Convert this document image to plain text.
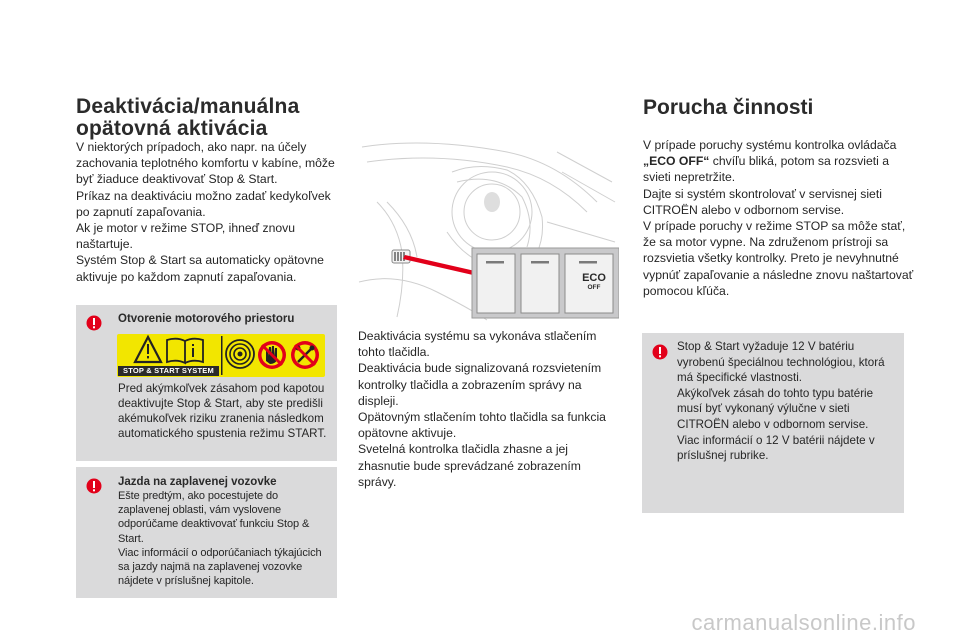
Deaktivácia/manuálna
opätovná aktivácia

V niektorých prípadoch, ako napr. na účely zachovania teplotného komfortu v kabíne, môže byť žiaduce deaktivovať Stop & Start.

Príkaz na deaktiváciu možno zadať kedykoľvek po zapnutí zapaľovania.

Ak je motor v režime STOP, ihneď znovu naštartuje.

Systém Stop & Start sa automaticky opätovne aktivuje po každom zapnutí zapaľovania.

Otvorenie motorového priestoru
Pred akýmkoľvek zásahom pod kapotou deaktivujte Stop & Start, aby ste predišli akémukoľvek riziku zranenia následkom automatického spustenia režimu START.
STOP & START SYSTEM
Jazda na zaplavenej vozovke

Ešte predtým, ako pocestujete do zaplavenej oblasti, vám vyslovene odporúčame deaktivovať funkciu Stop & Start.

Viac informácií o odporúčaniach týkajúcich sa jazdy najmä na zaplavenej vozovke nájdete v príslušnej kapitole.

ECO
OFF

Deaktivácia systému sa vykonáva stlačením tohto tlačidla.

Deaktivácia bude signalizovaná rozsvietením kontrolky tlačidla a zobrazením správy na displeji.

Opätovným stlačením tohto tlačidla sa funkcia opätovne aktivuje.

Svetelná kontrolka tlačidla zhasne a jej zhasnutie bude sprevádzané zobrazením správy.

Porucha činnosti

V prípade poruchy systému kontrolka ovládača „ECO OFF“ chvíľu bliká, potom sa rozsvieti a svieti nepretržite.

Dajte si systém skontrolovať v servisnej sieti CITROËN alebo v odbornom servise.

V prípade poruchy v režime STOP sa môže stať, že sa motor vypne. Na združenom prístroji sa rozsvietia všetky kontrolky. Preto je nevyhnutné vypnúť zapaľovanie a následne znovu naštartovať pomocou kľúča.

Stop & Start vyžaduje 12 V batériu vyrobenú špeciálnou technológiou, ktorá má špecifické vlastnosti.

Akýkoľvek zásah do tohto typu batérie musí byť vykonaný výlučne v sieti CITROËN alebo v odbornom servise.

Viac informácií o 12 V batérii nájdete v príslušnej rubrike.

carmanualsonline.info
